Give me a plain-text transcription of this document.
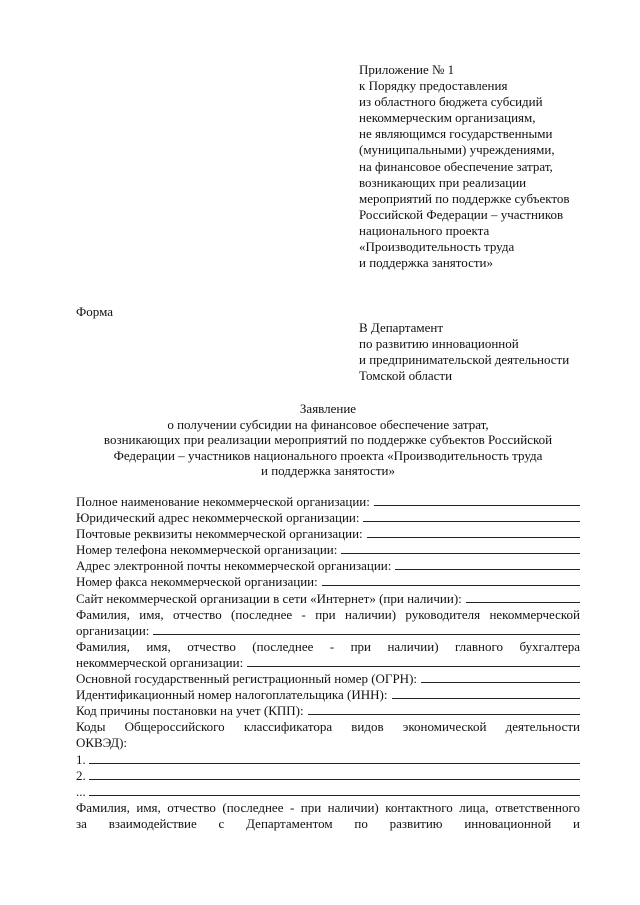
Приложение № 1
к Порядку предоставления
из областного бюджета субсидий
некоммерческим организациям,
не являющимся государственными
(муниципальными) учреждениями,
на финансовое обеспечение затрат,
возникающих при реализации
мероприятий по поддержке субъектов
Российской Федерации – участников
национального проекта
«Производительность труда
и поддержка занятости»
Форма
В Департамент
по развитию инновационной
и предпринимательской деятельности
Томской области
Заявление
о получении субсидии на финансовое обеспечение затрат,
возникающих при реализации мероприятий по поддержке субъектов Российской
Федерации – участников национального проекта «Производительность труда
и поддержка занятости»
Полное наименование некоммерческой организации:
Юридический адрес некоммерческой организации:
Почтовые реквизиты некоммерческой организации:
Номер телефона некоммерческой организации:
Адрес электронной почты некоммерческой организации:
Номер факса некоммерческой организации:
Сайт некоммерческой организации в сети «Интернет» (при наличии):
Фамилия, имя, отчество (последнее - при наличии) руководителя некоммерческой
организации:
Фамилия, имя, отчество (последнее - при наличии) главного бухгалтера
некоммерческой организации:
Основной государственный регистрационный номер (ОГРН):
Идентификационный номер налогоплательщика (ИНН):
Код причины постановки на учет (КПП):
Коды Общероссийского классификатора видов экономической деятельности
ОКВЭД):
1.
2.
...
Фамилия, имя, отчество (последнее - при наличии) контактного лица, ответственного
за взаимодействие с Департаментом по развитию инновационной и
